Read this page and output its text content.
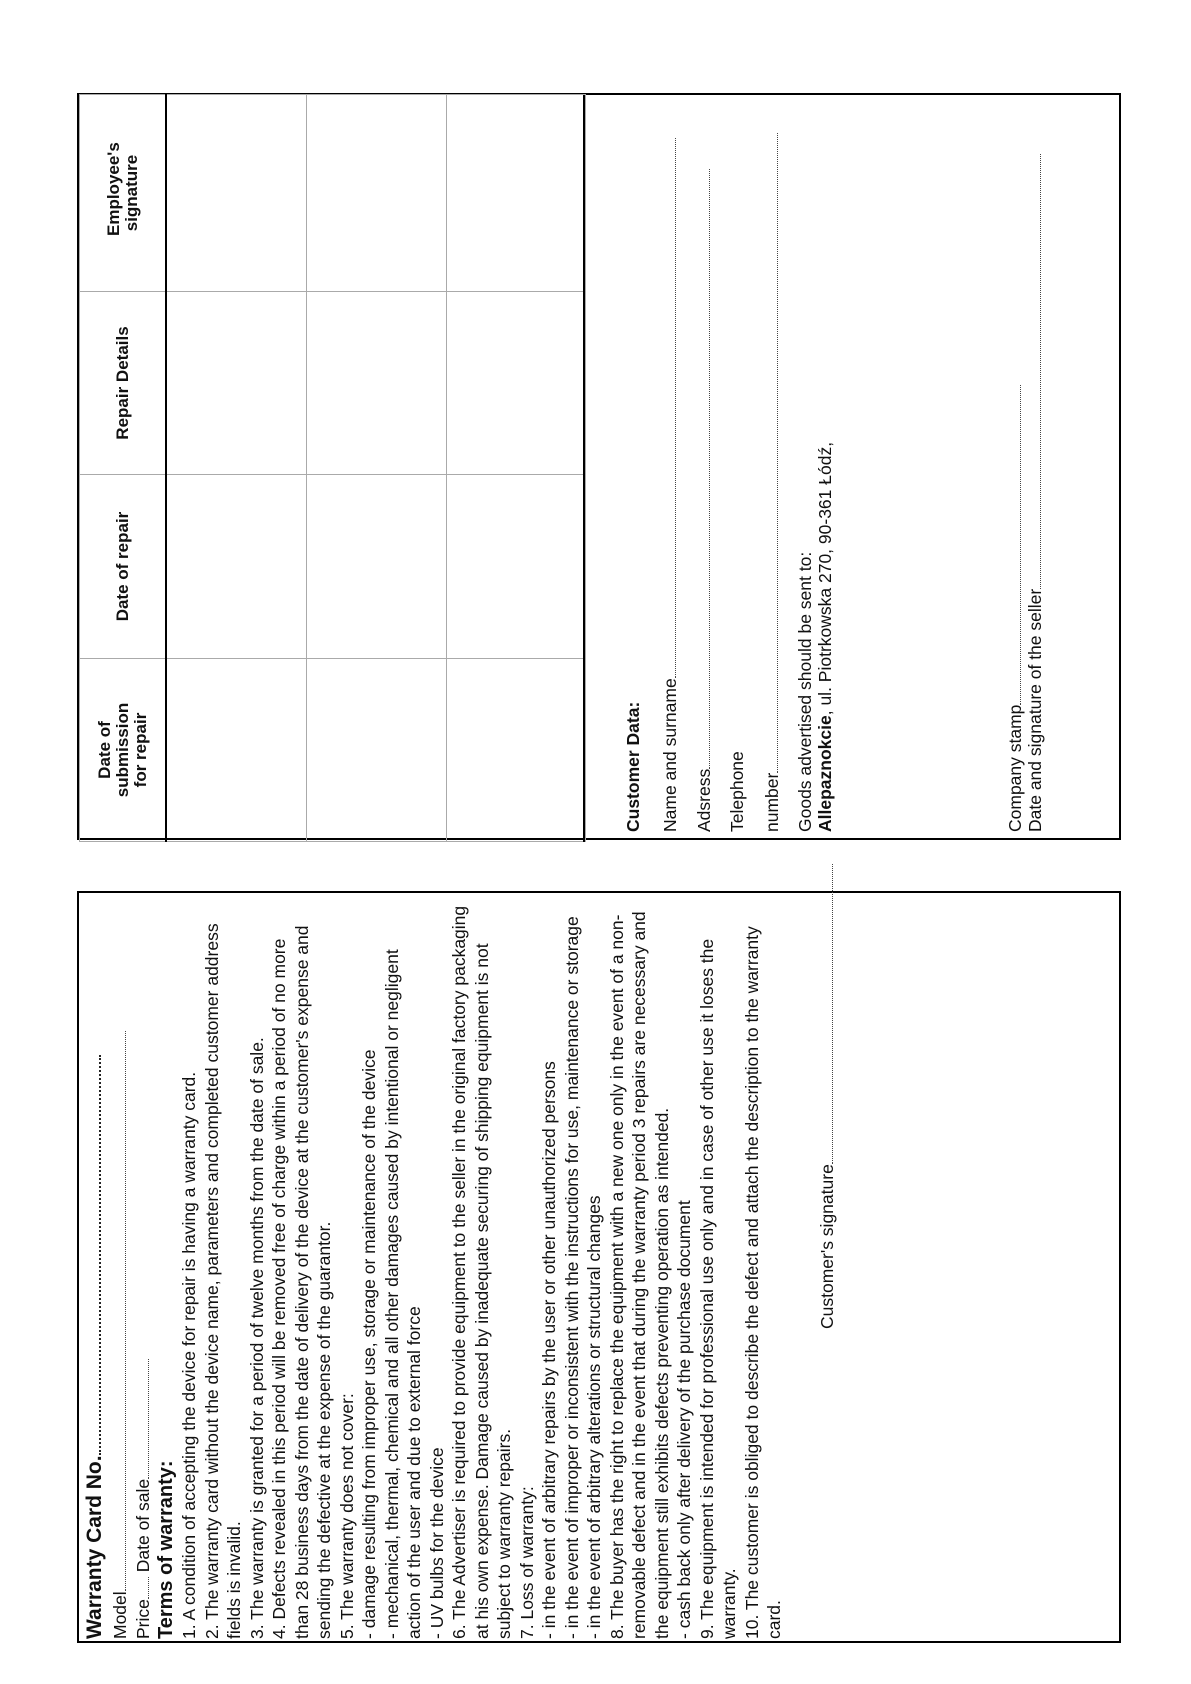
Date of submission for repair	Date of repair	Repair Details	Employee's signature

Customer Data: Name and surname Adsress Telephone number Goods advertised should be sent to: Allepaznokcie, ul. Piotrkowska 270, 90-361 Łódź,
Company stamp Date and signature of the seller
Warranty Card No. Model Price Date of sale Terms of warranty: 1. A condition of accepting the device for repair is having a warranty card. 2. The warranty card without the device name, parameters and completed customer address fields is invalid. 3. The warranty is granted for a period of twelve months from the date of sale. 4. Defects revealed in this period will be removed free of charge within a period of no more than 28 business days from the date of delivery of the device at the customer's expense and sending the defective at the expense of the guarantor. 5. The warranty does not cover: - damage resulting from improper use, storage or maintenance of the device - mechanical, thermal, chemical and all other damages caused by intentional or negligent action of the user and due to external force - UV bulbs for the device 6. The Advertiser is required to provide equipment to the seller in the original factory packaging at his own expense. Damage caused by inadequate securing of shipping equipment is not subject to warranty repairs. 7. Loss of warranty: - in the event of arbitrary repairs by the user or other unauthorized persons - in the event of improper or inconsistent with the instructions for use, maintenance or storage - in the event of arbitrary alterations or structural changes 8. The buyer has the right to replace the equipment with a new one only in the event of a non-removable defect and in the event that during the warranty period 3 repairs are necessary and the equipment still exhibits defects preventing operation as intended. - cash back only after delivery of the purchase document 9. The equipment is intended for professional use only and in case of other use it loses the warranty. 10. The customer is obliged to describe the defect and attach the description to the warranty card.

Customer's signature
